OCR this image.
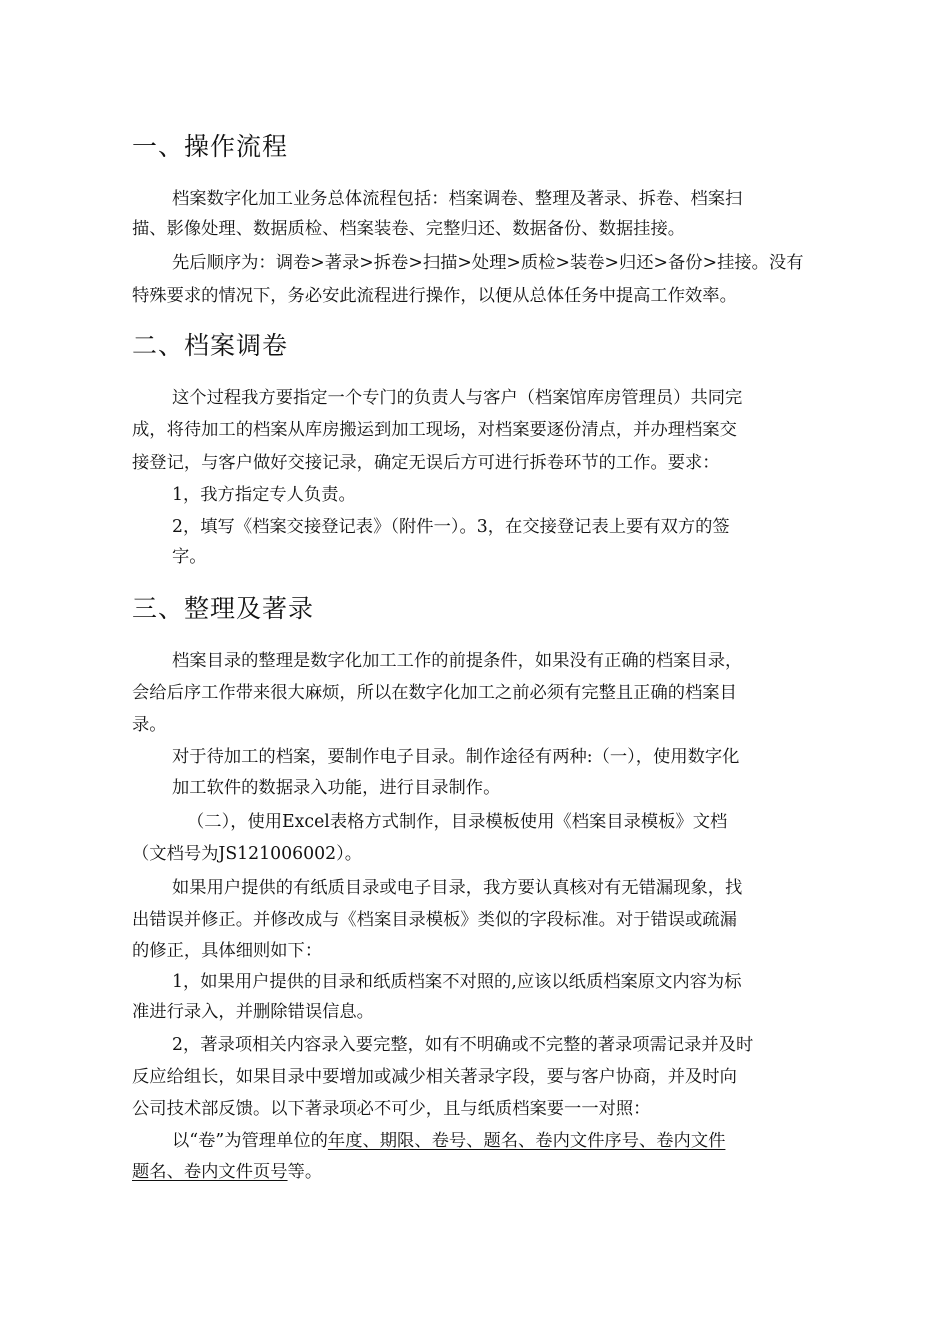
一、操作流程

档案数字化加工业务总体流程包括：档案调卷、整理及著录、拆卷、档案扫

描、影像处理、数据质检、档案装卷、完整归还、数据备份、数据挂接。

先后顺序为：调卷>著录>拆卷>扫描>处理>质检>装卷>归还>备份>挂接。没有

特殊要求的情况下，务必安此流程进行操作，以便从总体任务中提高工作效率。

二、档案调卷

这个过程我方要指定一个专门的负责人与客户（档案馆库房管理员）共同完

成，将待加工的档案从库房搬运到加工现场，对档案要逐份清点，并办理档案交

接登记，与客户做好交接记录，确定无误后方可进行拆卷环节的工作。要求：

1，我方指定专人负责。

2，填写《档案交接登记表》（附件一）。3，在交接登记表上要有双方的签

字。

三、整理及著录

档案目录的整理是数字化加工工作的前提条件，如果没有正确的档案目录，

会给后序工作带来很大麻烦，所以在数字化加工之前必须有完整且正确的档案目

录。

对于待加工的档案，要制作电子目录。制作途径有两种:（一），使用数字化

加工软件的数据录入功能，进行目录制作。

（二），使用Excel表格方式制作，目录模板使用《档案目录模板》文档

（文档号为JS121006002）。

如果用户提供的有纸质目录或电子目录，我方要认真核对有无错漏现象，找

出错误并修正。并修改成与《档案目录模板》类似的字段标准。对于错误或疏漏

的修正，具体细则如下：

1，如果用户提供的目录和纸质档案不对照的,应该以纸质档案原文内容为标

准进行录入，并删除错误信息。

2，著录项相关内容录入要完整，如有不明确或不完整的著录项需记录并及时

反应给组长，如果目录中要增加或减少相关著录字段，要与客户协商，并及时向

公司技术部反馈。以下著录项必不可少，且与纸质档案要一一对照：

以“卷”为管理单位的年度、期限、卷号、题名、卷内文件序号、卷内文件

题名、卷内文件页号等。
